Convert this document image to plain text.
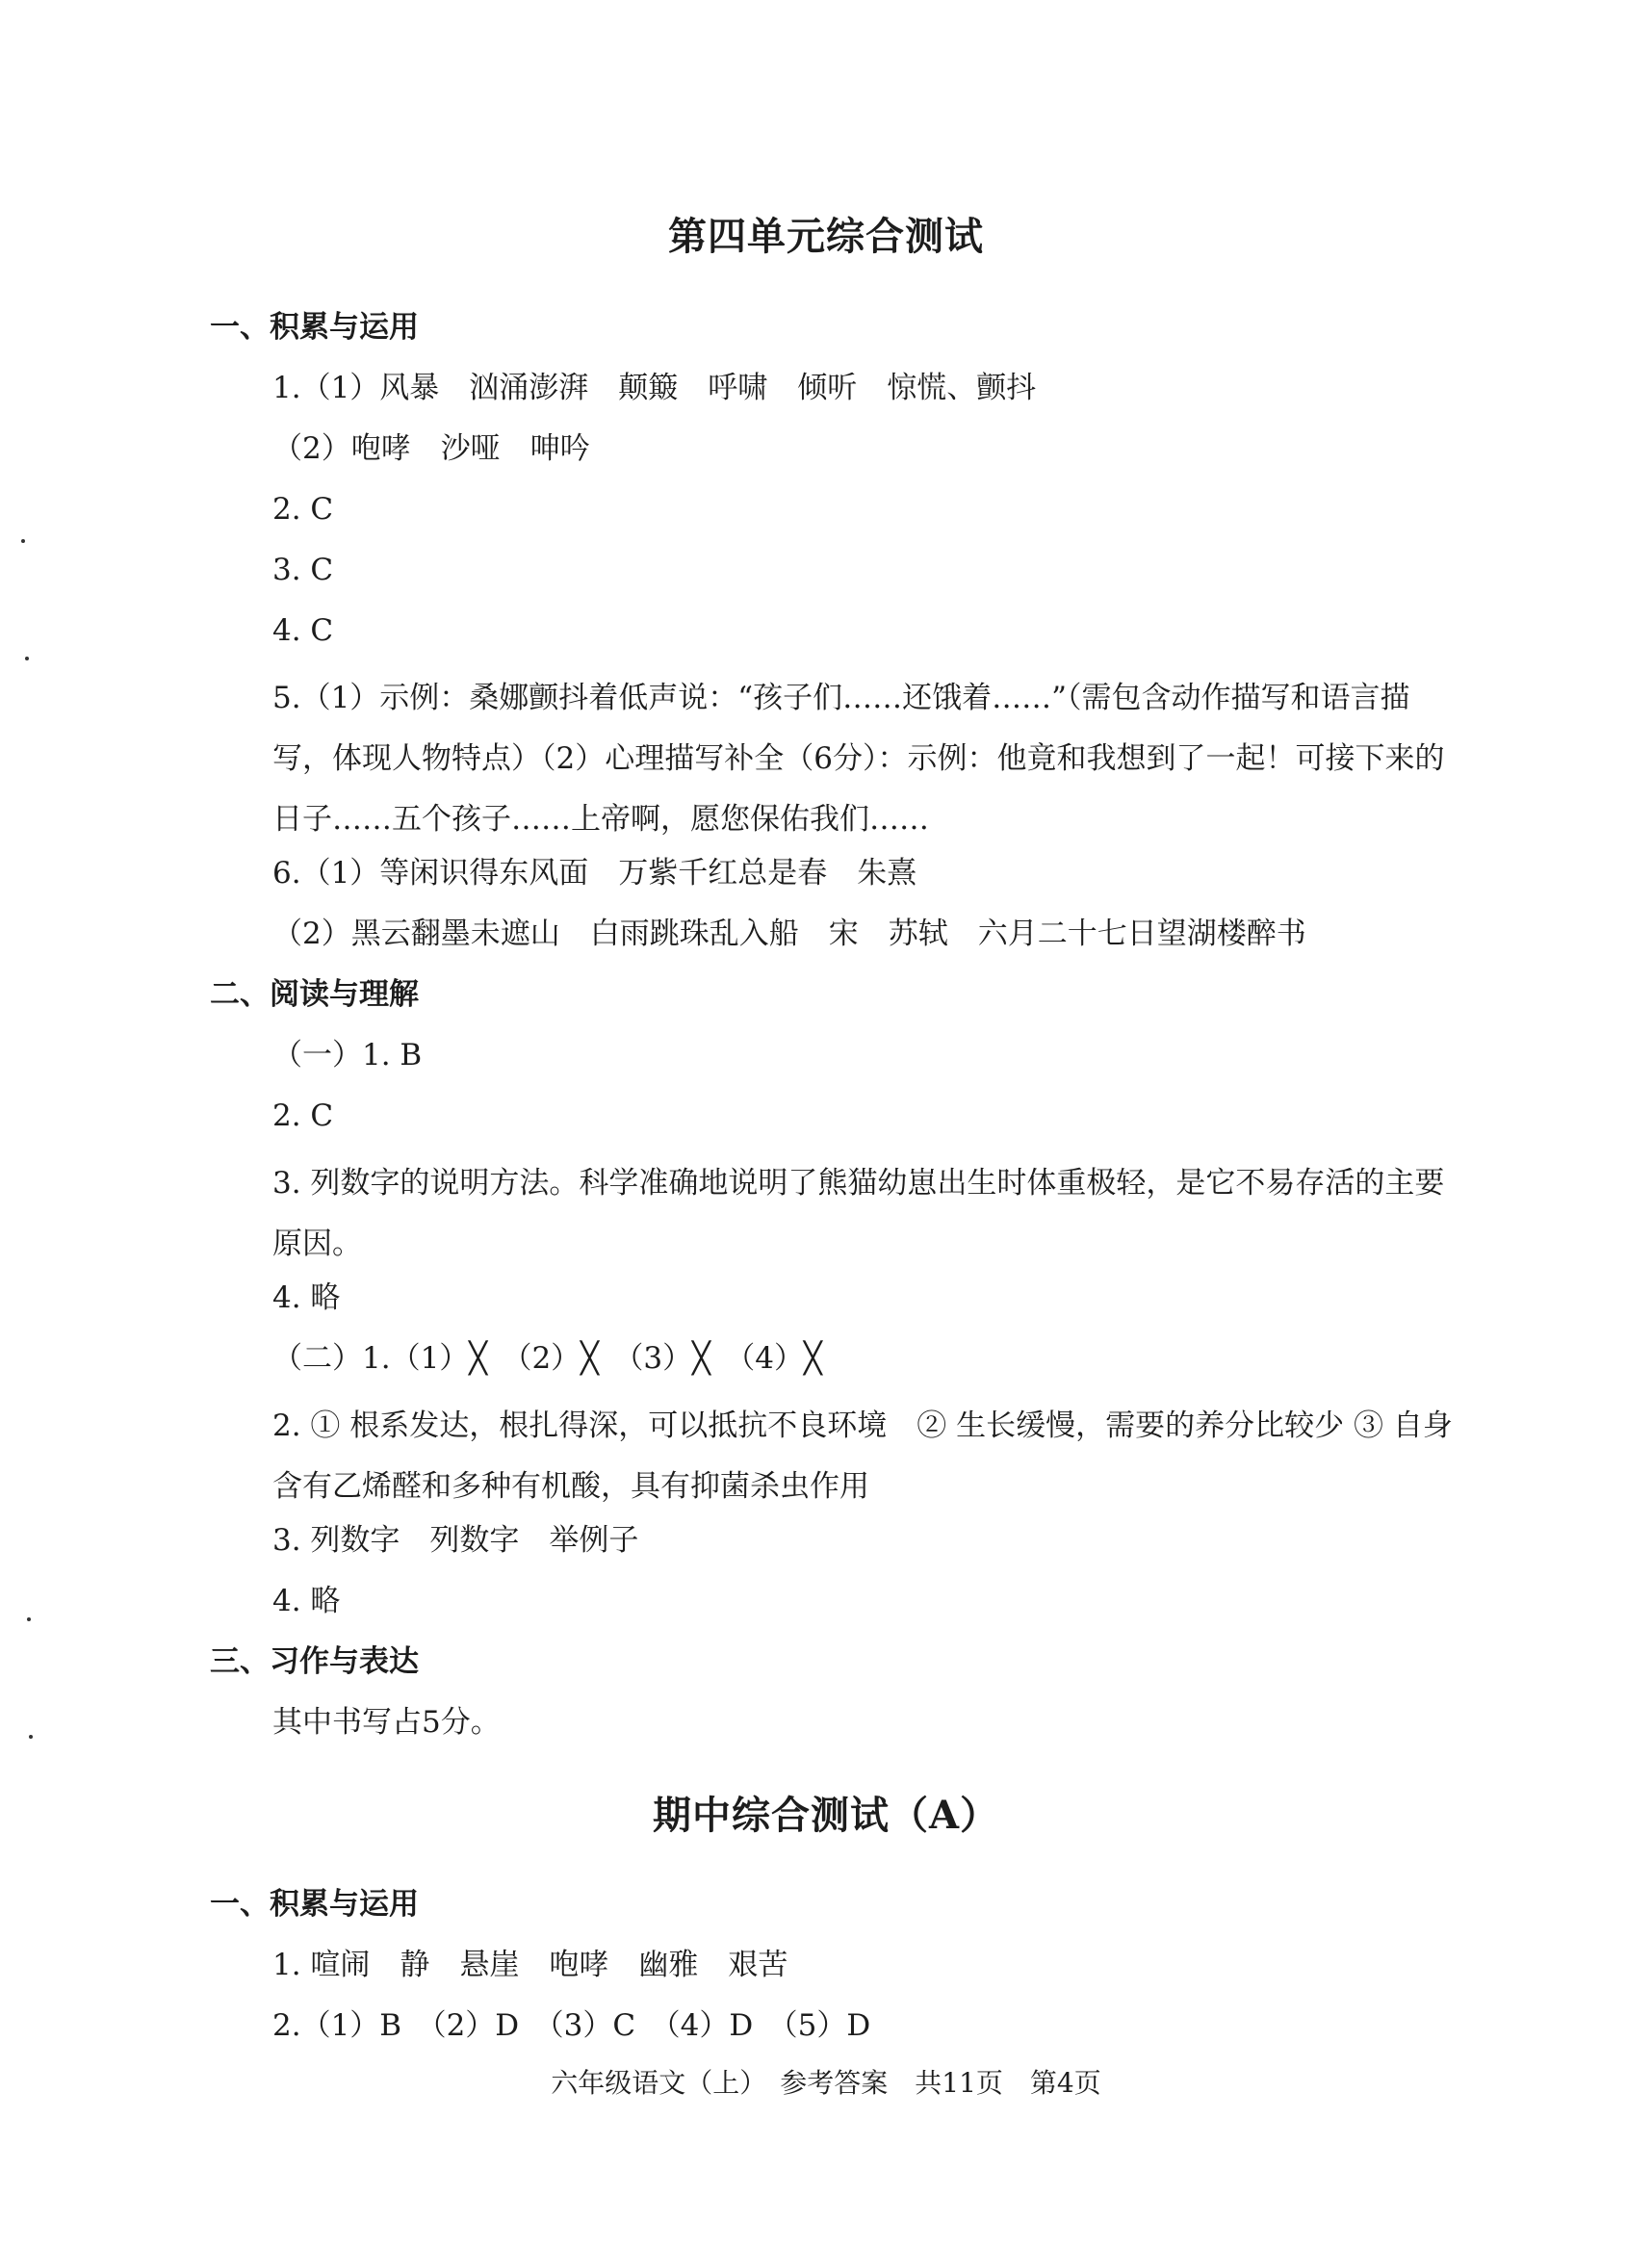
第四单元综合测试
一、积累与运用
1.（1）风暴　汹涌澎湃　颠簸　呼啸　倾听　惊慌、颤抖
（2）咆哮　沙哑　呻吟
2. C
3. C
4. C
5.（1）示例：桑娜颤抖着低声说：“孩子们……还饿着……”（需包含动作描写和语言描写，体现人物特点）（2）心理描写补全（6分）：示例：他竟和我想到了一起！可接下来的日子……五个孩子……上帝啊，愿您保佑我们……
6.（1）等闲识得东风面　万紫千红总是春　朱熹
（2）黑云翻墨未遮山　白雨跳珠乱入船　宋　苏轼　六月二十七日望湖楼醉书
二、阅读与理解
（一）1. B
2. C
3. 列数字的说明方法。科学准确地说明了熊猫幼崽出生时体重极轻，是它不易存活的主要原因。
4. 略
（二）1.（1）╳　（2）╳　（3）╳　（4）╳
2. ① 根系发达，根扎得深，可以抵抗不良环境　② 生长缓慢，需要的养分比较少 ③ 自身含有乙烯醛和多种有机酸，具有抑菌杀虫作用
3. 列数字　列数字　举例子
4. 略
三、习作与表达
其中书写占5分。
期中综合测试（A）
一、积累与运用
1. 喧闹　静　悬崖　咆哮　幽雅　艰苦
2.（1）B　（2）D　（3）C　（4）D　（5）D
六年级语文（上）　参考答案　共11页　第4页
